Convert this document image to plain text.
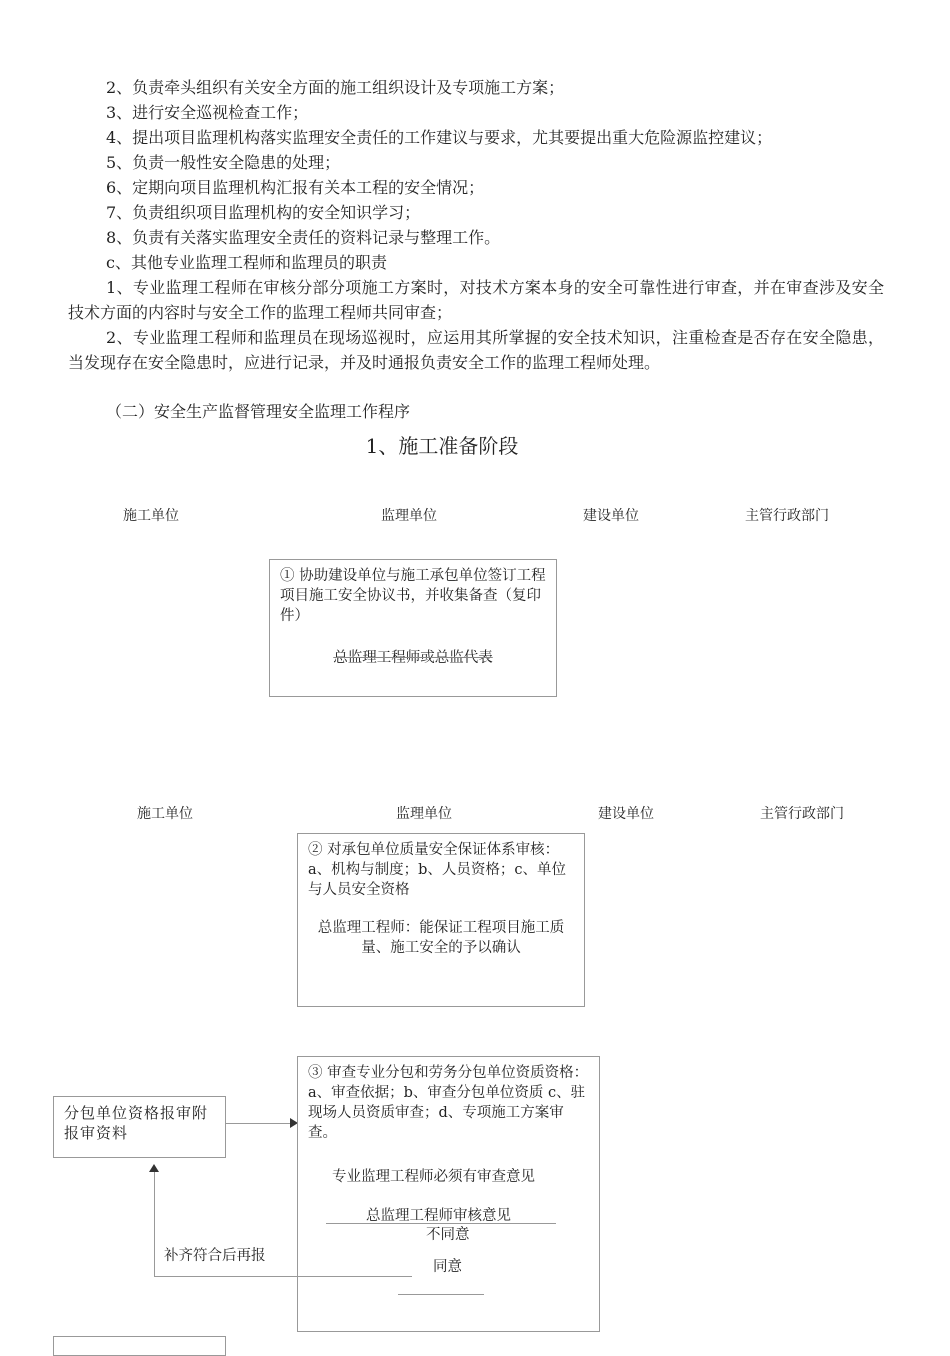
2、负责牵头组织有关安全方面的施工组织设计及专项施工方案；
3、进行安全巡视检查工作；
4、提出项目监理机构落实监理安全责任的工作建议与要求，尤其要提出重大危险源监控建议；
5、负责一般性安全隐患的处理；
6、定期向项目监理机构汇报有关本工程的安全情况；
7、负责组织项目监理机构的安全知识学习；
8、负责有关落实监理安全责任的资料记录与整理工作。
c、其他专业监理工程师和监理员的职责
1、专业监理工程师在审核分部分项施工方案时，对技术方案本身的安全可靠性进行审查，并在审查涉及安全技术方面的内容时与安全工作的监理工程师共同审查；
2、专业监理工程师和监理员在现场巡视时，应运用其所掌握的安全技术知识，注重检查是否存在安全隐患，当发现存在安全隐患时，应进行记录，并及时通报负责安全工作的监理工程师处理。
（二）安全生产监督管理安全监理工作程序
1、施工准备阶段
施工单位	监理单位	建设单位	主管行政部门
① 协助建设单位与施工承包单位签订工程项目施工安全协议书，并收集备查（复印件）
总监理工程师或总监代表
施工单位	监理单位	建设单位	主管行政部门
② 对承包单位质量安全保证体系审核：a、机构与制度；b、人员资格；c、单位与人员安全资格
总监理工程师：能保证工程项目施工质量、施工安全的予以确认
分包单位资格报审附报审资料
③ 审查专业分包和劳务分包单位资质资格： a、审查依据；b、审查分包单位资质 c、驻现场人员资质审查；d、专项施工方案审查。
专业监理工程师必须有审查意见
总监理工程师审核意见
不同意
同意
补齐符合后再报
